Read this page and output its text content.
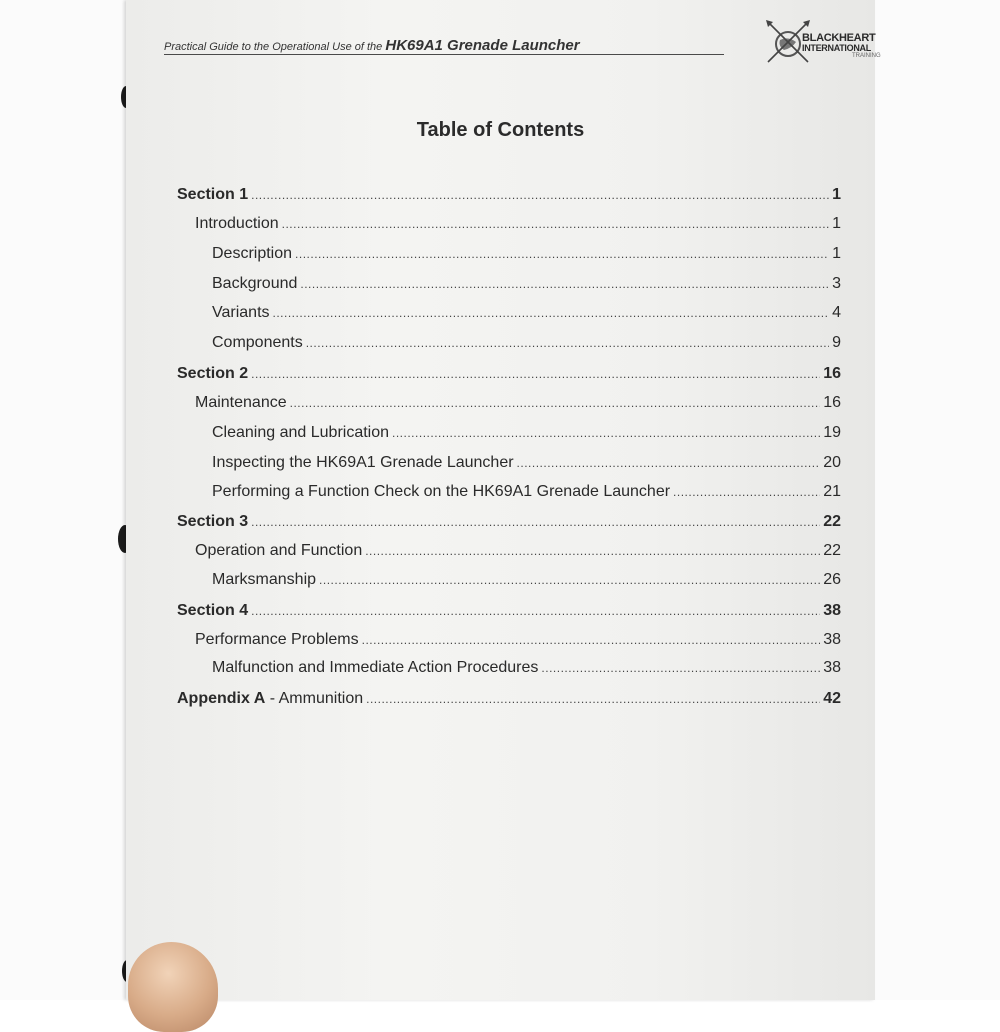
Practical Guide to the Operational Use of the HK69A1 Grenade Launcher	BLACKHEART
INTERNATIONAL
TRAINING
Table of Contents
Section 1 .....	1
Introduction .....	1
Description .....	1
Background .....	3
Variants .....	4
Components .....	9
Section 2 .....	16
Maintenance .....	16
Cleaning and Lubrication .....	19
Inspecting the HK69A1 Grenade Launcher .....	20
Performing a Function Check on the HK69A1 Grenade Launcher .....	21
Section 3 .....	22
Operation and Function .....	22
Marksmanship .....	26
Section 4 .....	38
Performance Problems .....	38
Malfunction and Immediate Action Procedures .....	38
Appendix A - Ammunition .....	42
